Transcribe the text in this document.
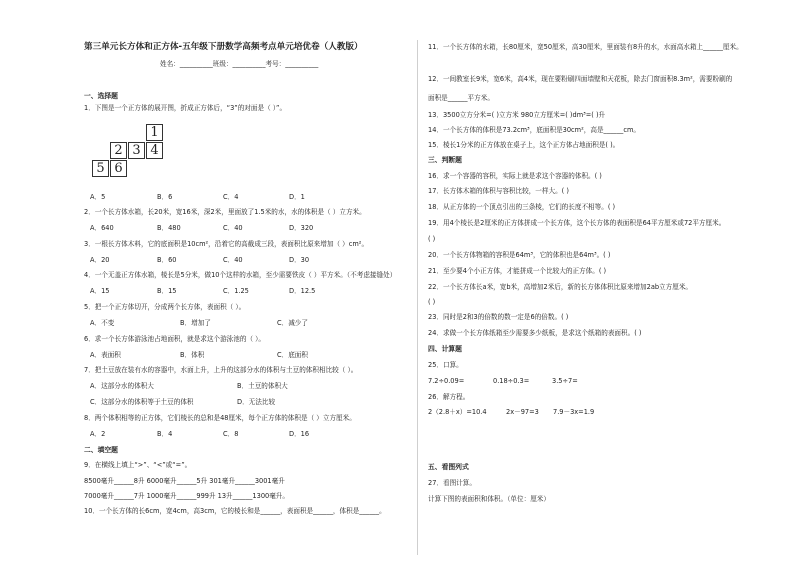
第三单元长方体和正方体-五年级下册数学高频考点单元培优卷（人教版）
姓名：__________班级：__________考号：__________
一、选择题
1．下图是一个正方体的展开图，折成正方体后，“3”的对面是（ ）”。
A．5	B．6	C．4	D．1
2．一个长方体水箱，长20米，宽16米，深2米，里面放了1.5米的水，水的体积是（ ）立方米。
A．640	B．480	C．40	D．320
3．一根长方体木料，它的底面积是10cm²，沿着它的高截成三段，表面积比原来增加（ ）cm²。
A．20	B．60	C．40	D．30
4．一个无盖正方体水箱，棱长是5分米，做10个这样的水箱，至少需要铁皮（ ）平方米。（不考虑接缝处）
A．15	B．15	C．1.25	D．12.5
5．把一个正方体切开，分成两个长方体，表面积（ ）。
A．不变	B．增加了	C．减少了
6．求一个长方体游泳池占地面积，就是求这个游泳池的（ ）。
A．表面积	B．体积	C．底面积
7．把土豆放在装有水的容器中，水面上升，上升的这部分水的体积与土豆的体积相比较（ ）。
A．这部分水的体积大	B．土豆的体积大
C．这部分水的体积等于土豆的体积	D．无法比较
8．两个体积相等的正方体，它们棱长的总和是48厘米，每个正方体的体积是（ ）立方厘米。
A．2	B．4	C．8	D．16
二、填空题
9．在横线上填上“>”、“<”或“=”。
8500毫升______8升 6000毫升______5升 301毫升______3001毫升
7000毫升______7升 1000毫升______999升 13升______1300毫升。
10．一个长方体的长6cm，宽4cm，高3cm，它的棱长和是______，表面积是______，体积是______。
11．一个长方体的水箱，长80厘米，宽50厘米，高30厘米，里面装有8升的水，水面高水箱上______厘米。
12．一间教室长9米，宽6米，高4米，现在要粉刷四面墙壁和天花板，除去门窗面积8.3m²，需要粉刷的
面积是______平方米。
13．3500立方分米=( )立方米 980立方厘米=( )dm³=( )升
14．一个长方体的体积是73.2cm³，底面积是30cm²，高是______cm。
15．棱长1分米的正方体放在桌子上，这个正方体占地面积是( )。
三、判断题
16．求一个容器的容积，实际上就是求这个容器的体积。( )
17．长方体木箱的体积与容积比较，一样大。( )
18．从正方体的一个顶点引出的三条棱，它们的长度不相等。( )
19．用4个棱长是2厘米的正方体拼成一个长方体，这个长方体的表面积是64平方厘米或72平方厘米。
( )
20．一个长方体物箱的容积是64m³，它的体积也是64m³。( )
21．至少要4个小正方体，才能拼成一个比较大的正方体。( )
22．一个长方体长a米，宽b米，高增加2米后，新的长方体体积比原来增加2ab立方厘米。
( )
23．同时是2和3的倍数的数一定是6的倍数。( )
24．求做一个长方体纸箱至少需要多少纸板，是求这个纸箱的表面积。( )
四、计算题
25．口算。
7.2÷0.09=	0.18÷0.3=	3.5÷7=
26．解方程。
2（2.8＋x）=10.4	2x－97=3 7.9－3x=1.9
五、看图列式
27．看图计算。
计算下图的表面积和体积。（单位：厘米）
1
2 3 4
5 6
